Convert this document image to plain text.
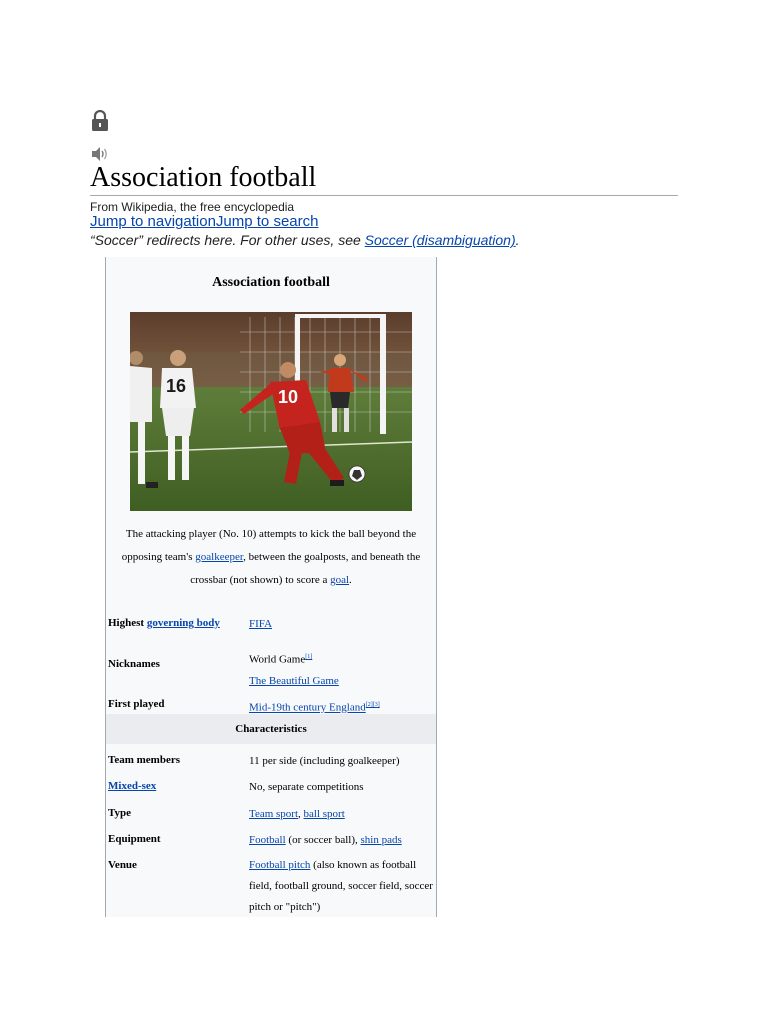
Association football
From Wikipedia, the free encyclopedia
Jump to navigationJump to search
“Soccer” redirects here. For other uses, see Soccer (disambiguation).
Association football
16
10
The attacking player (No. 10) attempts to kick the ball beyond the opposing team's goalkeeper, between the goalposts, and beneath the crossbar (not shown) to score a goal.
Highest governing body	FIFA
Nicknames	World Game[1]
The Beautiful Game
First played	Mid-19th century England[2][3]
Characteristics
Team members	11 per side (including goalkeeper)
Mixed-sex	No, separate competitions
Type	Team sport, ball sport
Equipment	Football (or soccer ball), shin pads
Venue	Football pitch (also known as football field, football ground, soccer field, soccer pitch or "pitch")
